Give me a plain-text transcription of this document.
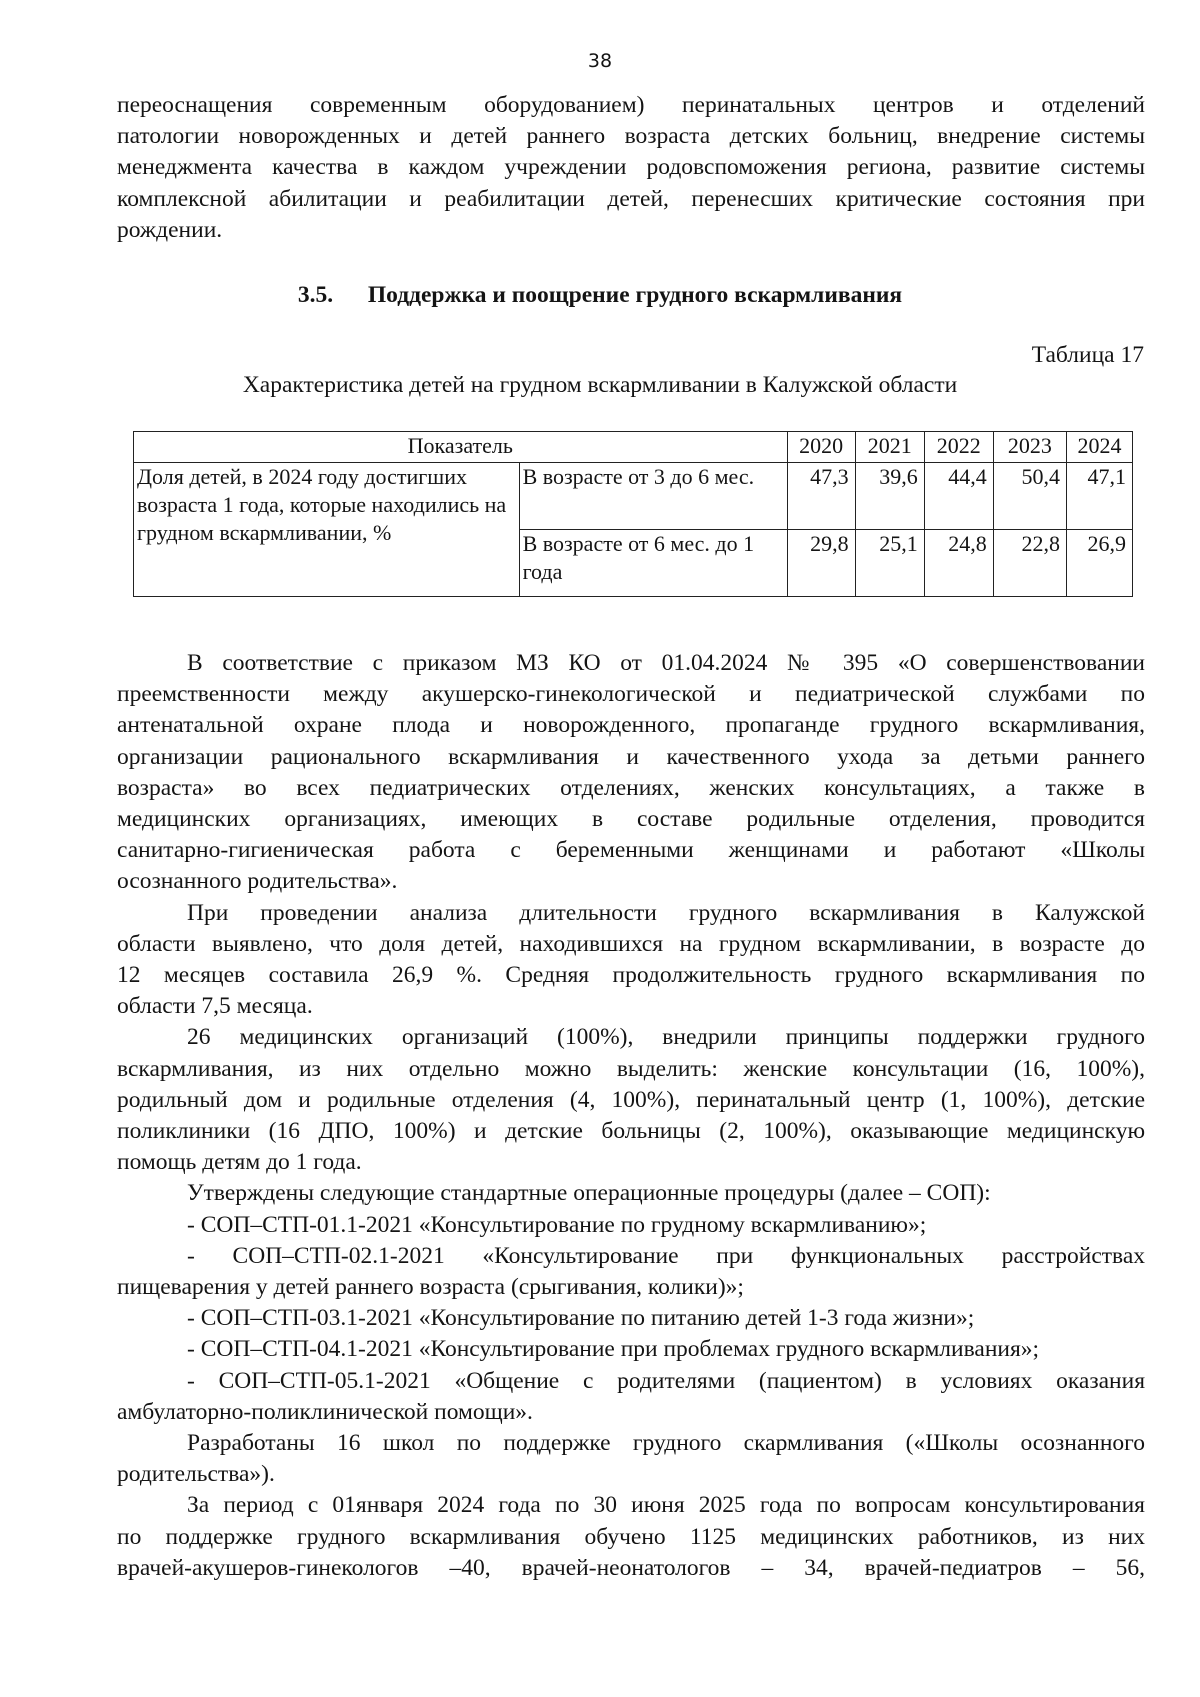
38

переоснащения современным оборудованием) перинатальных центров и отделений

патологии новорожденных и детей раннего возраста детских больниц, внедрение системы

менеджмента качества в каждом учреждении родовспоможения региона, развитие системы

комплексной абилитации и реабилитации детей, перенесших критические состояния при

рождении.

3.5. Поддержка и поощрение грудного вскармливания
Таблица 17
Характеристика детей на грудном вскармливании в Калужской области
Показатель		2020	2021	2022	2023	2024
Доля детей, в 2024 году достигших возраста 1 года, которые находились на грудном вскармливании, %	В возрасте от 3 до 6 мес.	47,3	39,6	44,4	50,4	47,1
	В возрасте от 6 мес. до 1 года	29,8	25,1	24,8	22,8	26,9

В соответствие с приказом МЗ КО от 01.04.2024 № 395 «О совершенствовании

преемственности между акушерско-гинекологической и педиатрической службами по

антенатальной охране плода и новорожденного, пропаганде грудного вскармливания,

организации рационального вскармливания и качественного ухода за детьми раннего

возраста» во всех педиатрических отделениях, женских консультациях, а также в

медицинских организациях, имеющих в составе родильные отделения, проводится

санитарно-гигиеническая работа с беременными женщинами и работают «Школы

осознанного родительства».

При проведении анализа длительности грудного вскармливания в Калужской

области выявлено, что доля детей, находившихся на грудном вскармливании, в возрасте до

12 месяцев составила 26,9 %. Средняя продолжительность грудного вскармливания по

области 7,5 месяца.

26 медицинских организаций (100%), внедрили принципы поддержки грудного

вскармливания, из них отдельно можно выделить: женские консультации (16, 100%),

родильный дом и родильные отделения (4, 100%), перинатальный центр (1, 100%), детские

поликлиники (16 ДПО, 100%) и детские больницы (2, 100%), оказывающие медицинскую

помощь детям до 1 года.

Утверждены следующие стандартные операционные процедуры (далее – СОП):

- СОП–СТП-01.1-2021 «Консультирование по грудному вскармливанию»;

- СОП–СТП-02.1-2021 «Консультирование при функциональных расстройствах

пищеварения у детей раннего возраста (срыгивания, колики)»;

- СОП–СТП-03.1-2021 «Консультирование по питанию детей 1-3 года жизни»;

- СОП–СТП-04.1-2021 «Консультирование при проблемах грудного вскармливания»;

- СОП–СТП-05.1-2021 «Общение с родителями (пациентом) в условиях оказания

амбулаторно-поликлинической помощи».

Разработаны 16 школ по поддержке грудного скармливания («Школы осознанного

родительства»).

За период с 01января 2024 года по 30 июня 2025 года по вопросам консультирования

по поддержке грудного вскармливания обучено 1125 медицинских работников, из них

врачей-акушеров-гинекологов –40, врачей-неонатологов – 34, врачей-педиатров – 56,
